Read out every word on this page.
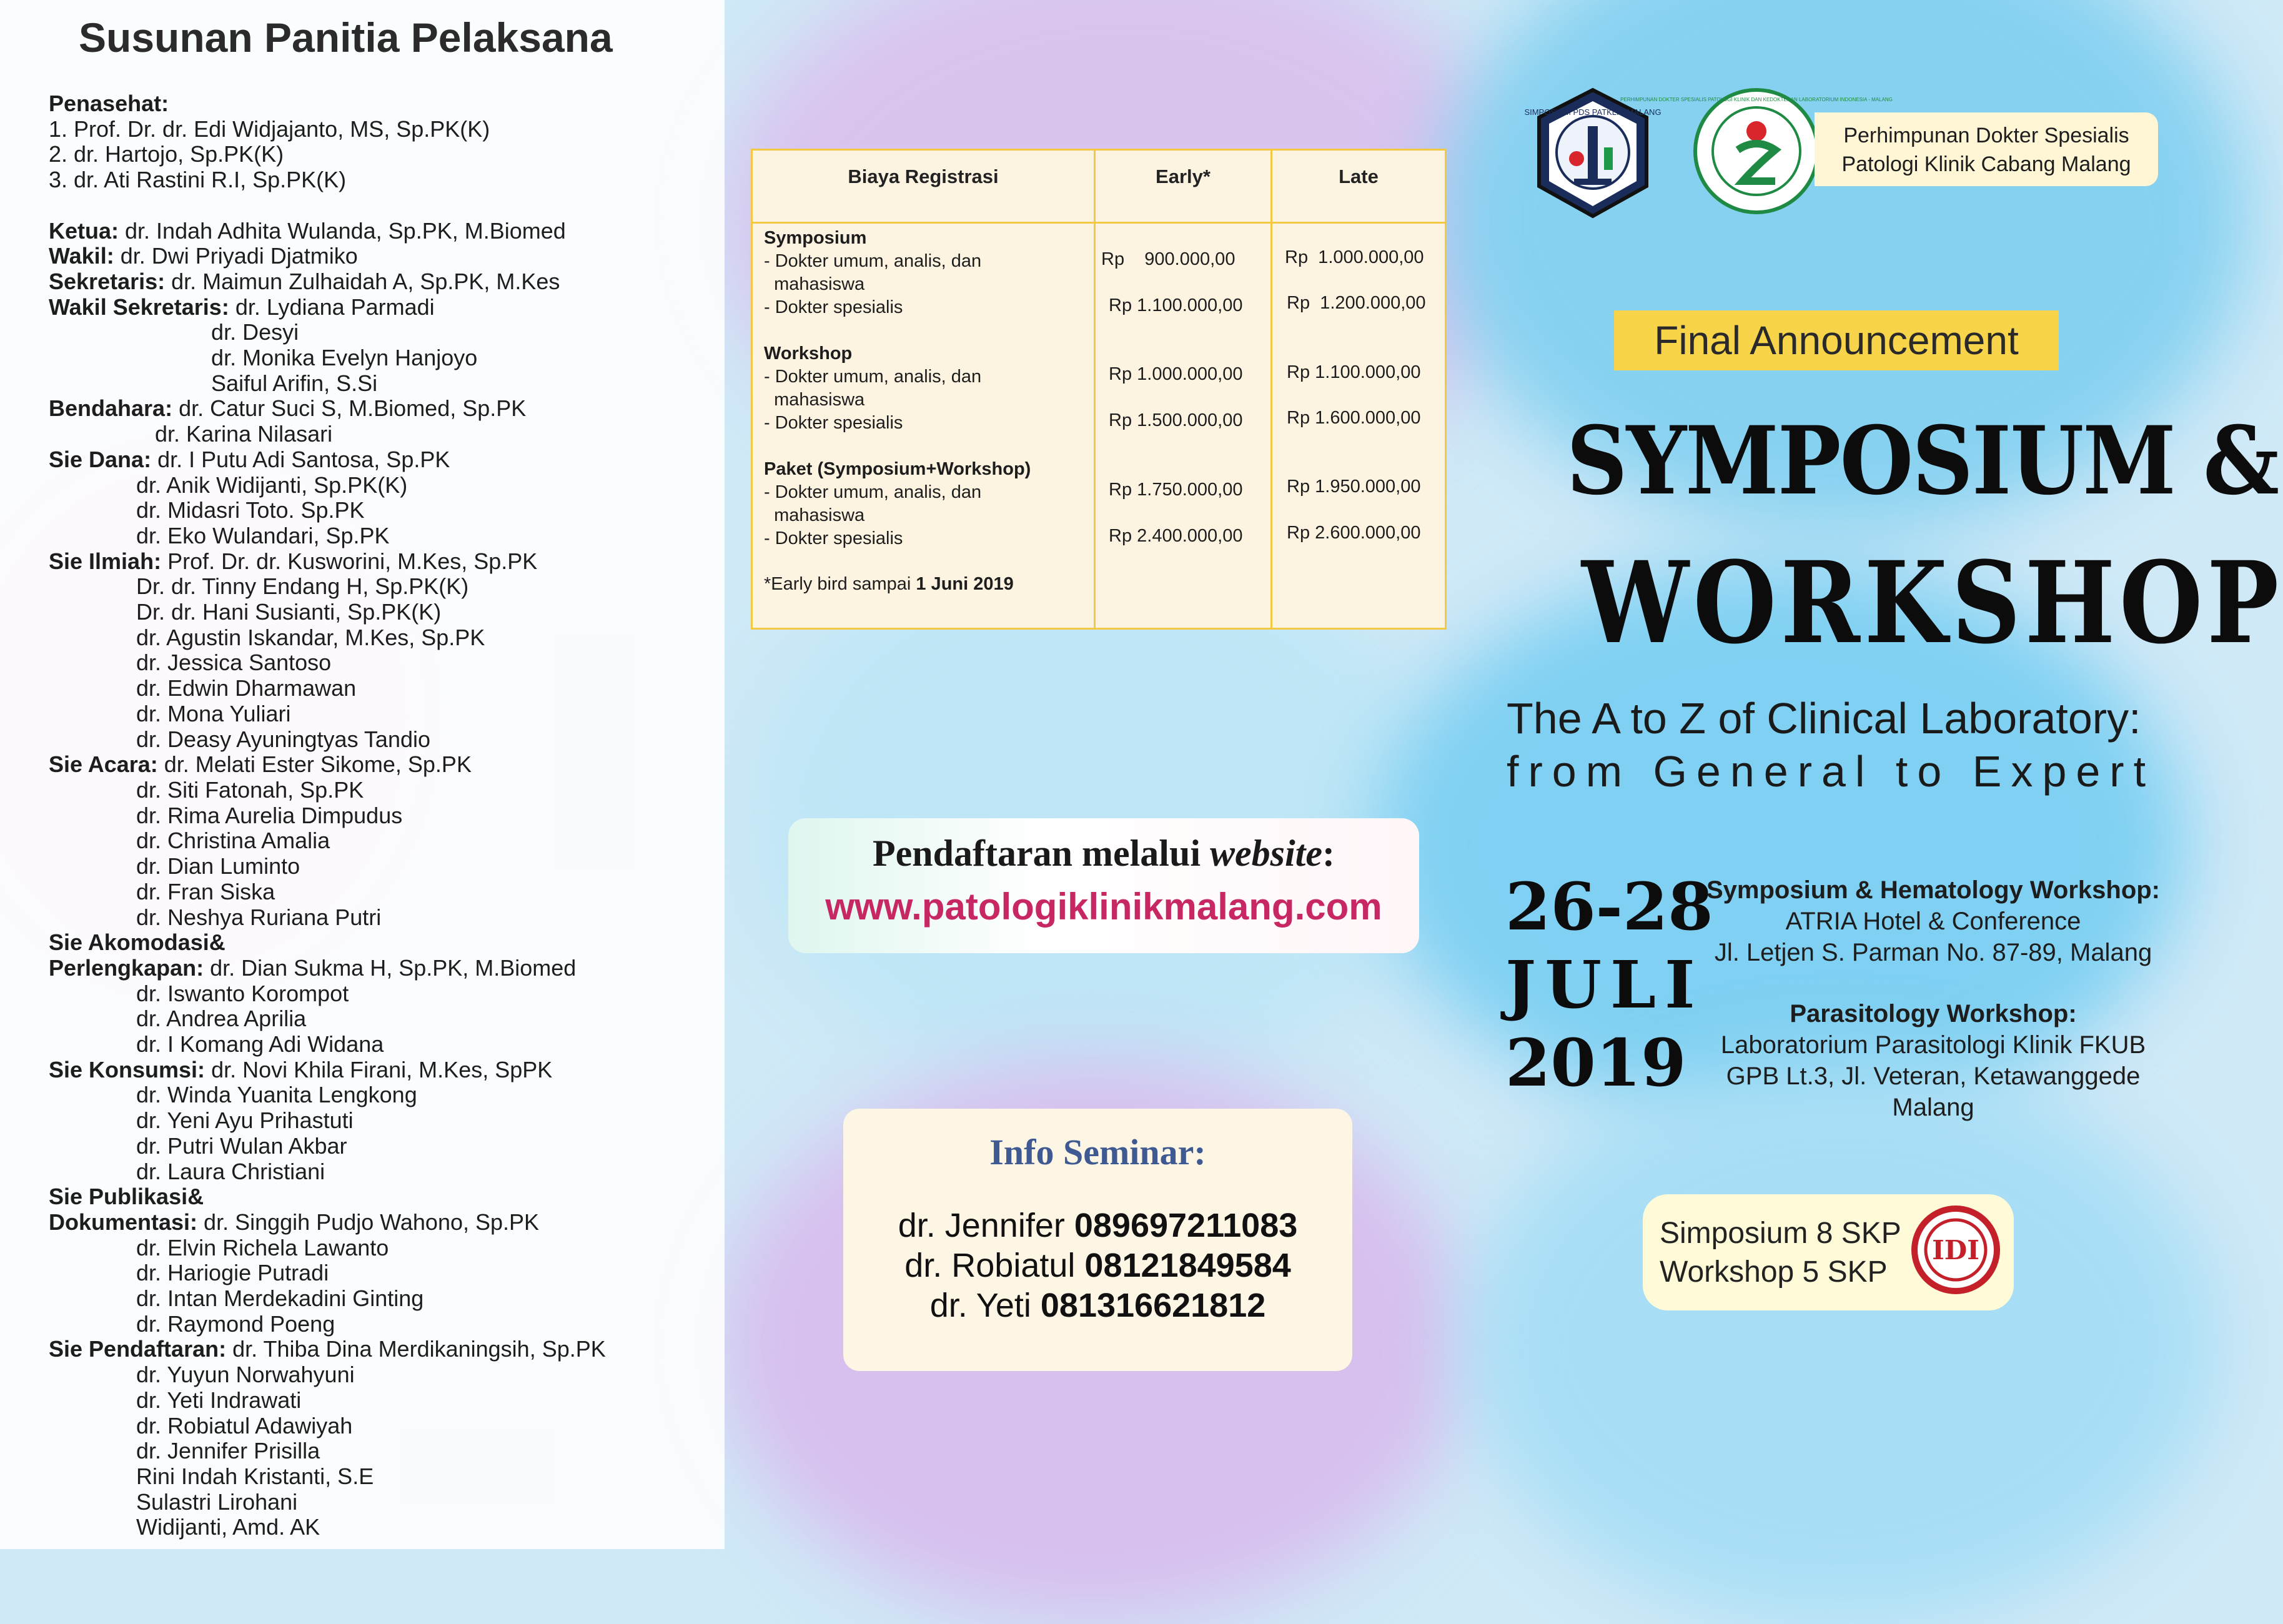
Susunan Panitia Pelaksana
Penasehat:
1. Prof. Dr. dr. Edi Widjajanto, MS, Sp.PK(K)
2. dr. Hartojo, Sp.PK(K)
3. dr. Ati Rastini R.I, Sp.PK(K)

Ketua: dr. Indah Adhita Wulanda, Sp.PK, M.Biomed
Wakil: dr. Dwi Priyadi Djatmiko
Sekretaris: dr. Maimun Zulhaidah A, Sp.PK, M.Kes
Wakil Sekretaris: dr. Lydiana Parmadi
dr. Desyi
dr. Monika Evelyn Hanjoyo
Saiful Arifin, S.Si
Bendahara: dr. Catur Suci S, M.Biomed, Sp.PK
dr. Karina Nilasari
Sie Dana: dr. I Putu Adi Santosa, Sp.PK
dr. Anik Widijanti, Sp.PK(K)
dr. Midasri Toto. Sp.PK
dr. Eko Wulandari, Sp.PK
Sie Ilmiah: Prof. Dr. dr. Kusworini, M.Kes, Sp.PK
Dr. dr. Tinny Endang H, Sp.PK(K)
Dr. dr. Hani Susianti, Sp.PK(K)
dr. Agustin Iskandar, M.Kes, Sp.PK
dr. Jessica Santoso
dr. Edwin Dharmawan
dr. Mona Yuliari
dr. Deasy Ayuningtyas Tandio
Sie Acara: dr. Melati Ester Sikome, Sp.PK
dr. Siti Fatonah, Sp.PK
dr. Rima Aurelia Dimpudus
dr. Christina Amalia
dr. Dian Luminto
dr. Fran Siska
dr. Neshya Ruriana Putri
Sie Akomodasi&
Perlengkapan: dr. Dian Sukma H, Sp.PK, M.Biomed
dr. Iswanto Korompot
dr. Andrea Aprilia
dr. I Komang Adi Widana
Sie Konsumsi: dr. Novi Khila Firani, M.Kes, SpPK
dr. Winda Yuanita Lengkong
dr. Yeni Ayu Prihastuti
dr. Putri Wulan Akbar
dr. Laura Christiani
Sie Publikasi&
Dokumentasi: dr. Singgih Pudjo Wahono, Sp.PK
dr. Elvin Richela Lawanto
dr. Hariogie Putradi
dr. Intan Merdekadini Ginting
dr. Raymond Poeng
Sie Pendaftaran: dr. Thiba Dina Merdikaningsih, Sp.PK
dr. Yuyun Norwahyuni
dr. Yeti Indrawati
dr. Robiatul Adawiyah
dr. Jennifer Prisilla
Rini Indah Kristanti, S.E
Sulastri Lirohani
Widijanti, Amd. AK
Biaya Registrasi	Early*	Late
Symposium
- Dokter umum, analis, dan
mahasiswa
Rp    900.000,00	Rp  1.000.000,00
- Dokter spesialis	Rp 1.100.000,00 Rp  1.200.000,00
Workshop
- Dokter umum, analis, dan
mahasiswa
Rp 1.000.000,00 Rp 1.100.000,00
- Dokter spesialis	Rp 1.500.000,00 Rp 1.600.000,00
Paket (Symposium+Workshop)
- Dokter umum, analis, dan
mahasiswa
Rp 1.750.000,00 Rp 1.950.000,00
- Dokter spesialis	Rp 2.400.000,00 Rp 2.600.000,00
*Early bird sampai 1 Juni 2019
Pendaftaran melalui website:
www.patologiklinikmalang.com
Info Seminar:
dr. Jennifer 089697211083
dr. Robiatul 08121849584
dr. Yeti 081316621812
SIMPOSIUM PDS PATKLIN MALANG
PERHIMPUNAN DOKTER SPESIALIS PATOLOGI KLINIK DAN KEDOKTERAN LABORATORIUM INDONESIA - MALANG
Perhimpunan Dokter Spesialis
Patologi Klinik Cabang Malang
Final Announcement
SYMPOSIUM &
WORKSHOP
The A to Z of Clinical Laboratory:
from General to Expert
26-28
JULI
2019
Symposium & Hematology Workshop:
ATRIA Hotel & Conference
Jl. Letjen S. Parman No. 87-89, Malang
Parasitology Workshop:
Laboratorium Parasitologi Klinik FKUB
GPB Lt.3, Jl. Veteran, Ketawanggede
Malang
Simposium 8 SKP
Workshop 5 SKP
IDI
